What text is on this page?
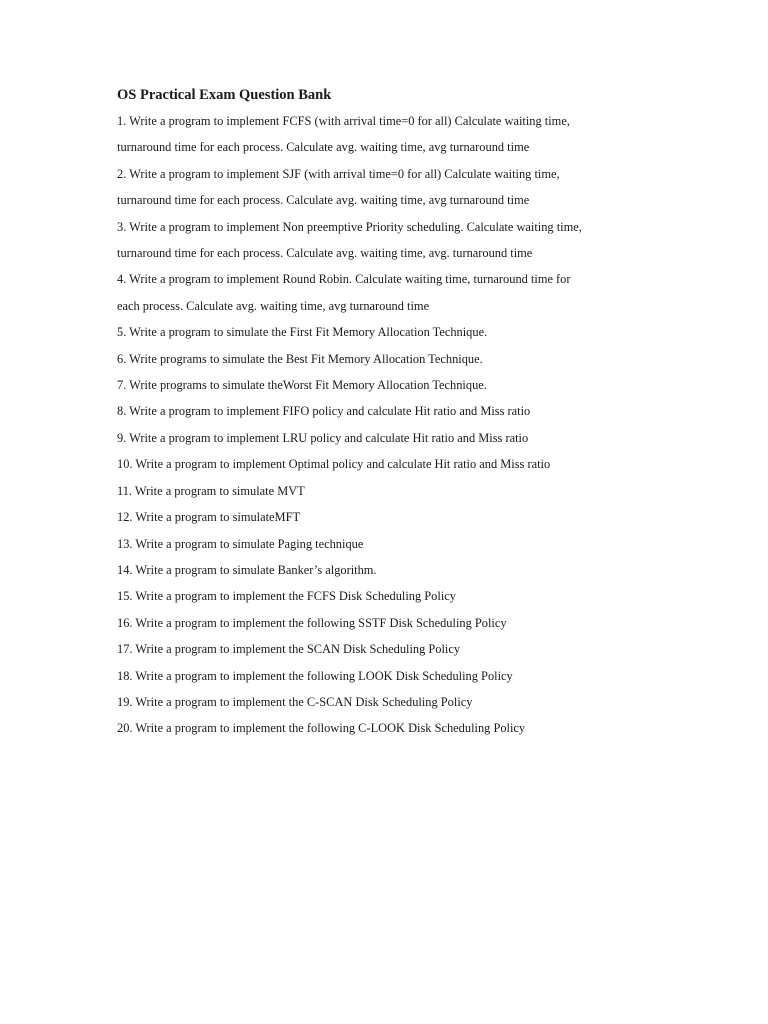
OS Practical Exam Question Bank
1. Write a program to implement FCFS (with arrival time=0 for all) Calculate waiting time, turnaround time for each process. Calculate avg. waiting time, avg turnaround time
2. Write a program to implement SJF (with arrival time=0 for all) Calculate waiting time, turnaround time for each process. Calculate avg. waiting time, avg turnaround time
3. Write a program to implement Non preemptive Priority scheduling. Calculate waiting time, turnaround time for each process. Calculate avg. waiting time, avg. turnaround time
4. Write a program to implement Round Robin. Calculate waiting time, turnaround time for each process. Calculate avg. waiting time, avg turnaround time
5. Write a program to simulate the First Fit Memory Allocation Technique.
6. Write programs to simulate the Best Fit Memory Allocation Technique.
7. Write programs to simulate theWorst Fit Memory Allocation Technique.
8. Write a program to implement FIFO policy and calculate Hit ratio and Miss ratio
9. Write a program to implement LRU policy and calculate Hit ratio and Miss ratio
10. Write a program to implement Optimal policy and calculate Hit ratio and Miss ratio
11. Write a program to simulate MVT
12. Write a program to simulateMFT
13. Write a program to simulate Paging technique
14. Write a program to simulate Banker’s algorithm.
15. Write a program to implement the FCFS Disk Scheduling Policy
16. Write a program to implement the following SSTF Disk Scheduling Policy
17. Write a program to implement the SCAN Disk Scheduling Policy
18. Write a program to implement the following LOOK Disk Scheduling Policy
19. Write a program to implement the C-SCAN Disk Scheduling Policy
20. Write a program to implement the following C-LOOK Disk Scheduling Policy
